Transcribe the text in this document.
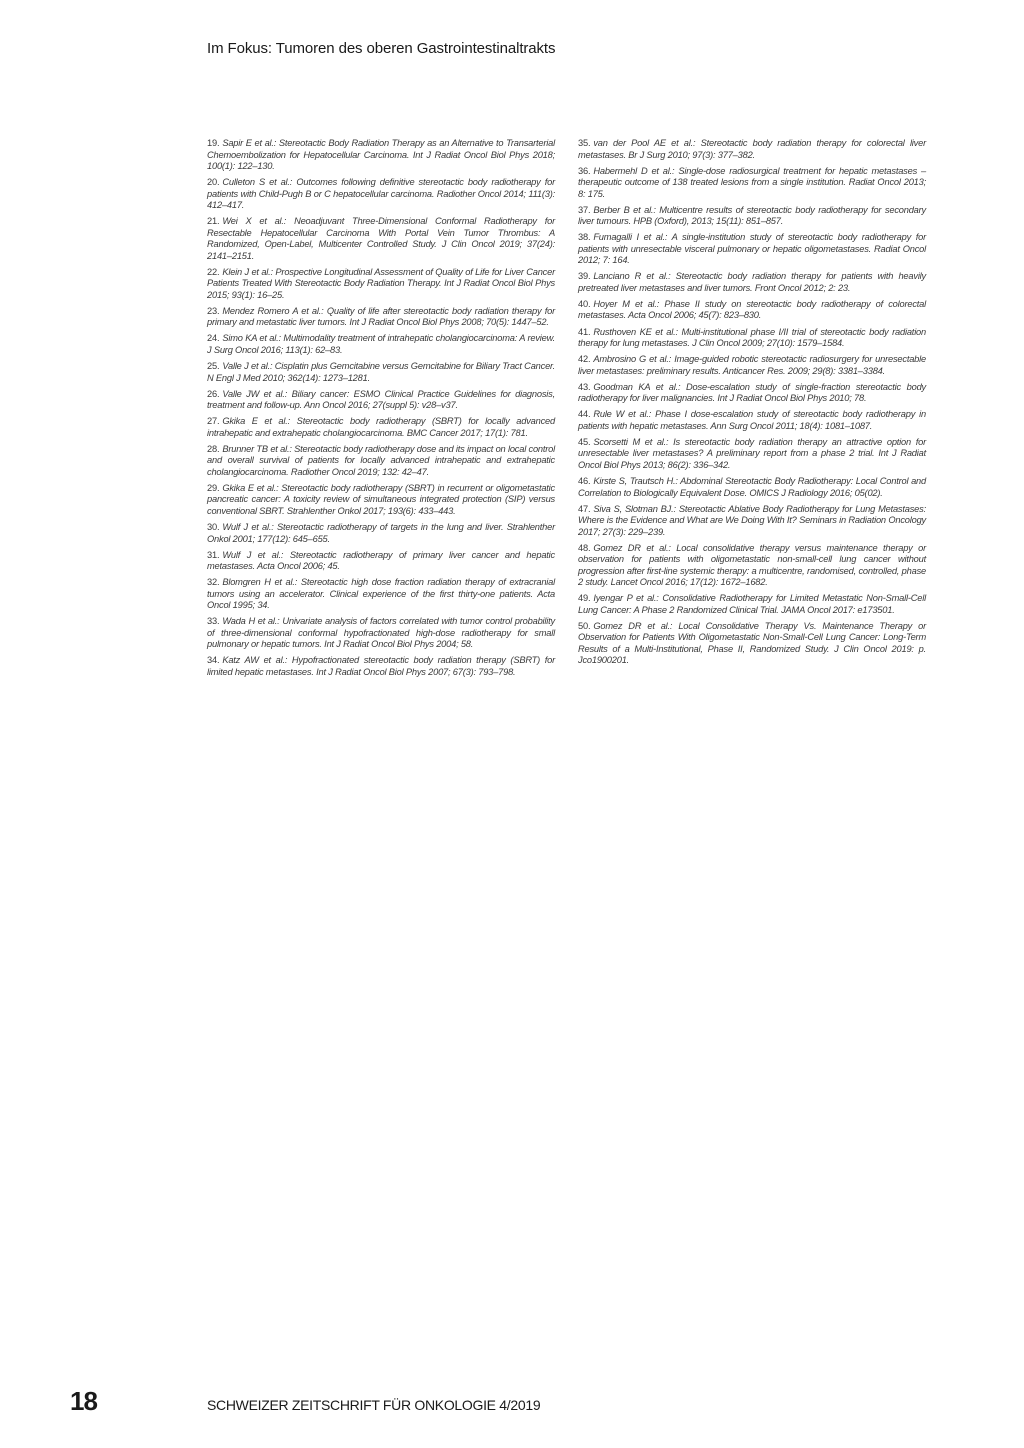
Im Fokus: Tumoren des oberen Gastrointestinaltrakts
19. Sapir E et al.: Stereotactic Body Radiation Therapy as an Alternative to Transarterial Chemoembolization for Hepatocellular Carcinoma. Int J Radiat Oncol Biol Phys 2018; 100(1): 122–130.
20. Culleton S et al.: Outcomes following definitive stereotactic body radiotherapy for patients with Child-Pugh B or C hepatocellular carcinoma. Radiother Oncol 2014; 111(3): 412–417.
21. Wei X et al.: Neoadjuvant Three-Dimensional Conformal Radiotherapy for Resectable Hepatocellular Carcinoma With Portal Vein Tumor Thrombus: A Randomized, Open-Label, Multicenter Controlled Study. J Clin Oncol 2019; 37(24): 2141–2151.
22. Klein J et al.: Prospective Longitudinal Assessment of Quality of Life for Liver Cancer Patients Treated With Stereotactic Body Radiation Therapy. Int J Radiat Oncol Biol Phys 2015; 93(1): 16–25.
23. Mendez Romero A et al.: Quality of life after stereotactic body radiation therapy for primary and metastatic liver tumors. Int J Radiat Oncol Biol Phys 2008; 70(5): 1447–52.
24. Simo KA et al.: Multimodality treatment of intrahepatic cholangiocarcinoma: A review. J Surg Oncol 2016; 113(1): 62–83.
25. Valle J et al.: Cisplatin plus Gemcitabine versus Gemcitabine for Biliary Tract Cancer. N Engl J Med 2010; 362(14): 1273–1281.
26. Valle JW et al.: Biliary cancer: ESMO Clinical Practice Guidelines for diagnosis, treatment and follow-up. Ann Oncol 2016; 27(suppl 5): v28–v37.
27. Gkika E et al.: Stereotactic body radiotherapy (SBRT) for locally advanced intrahepatic and extrahepatic cholangiocarcinoma. BMC Cancer 2017; 17(1): 781.
28. Brunner TB et al.: Stereotactic body radiotherapy dose and its impact on local control and overall survival of patients for locally advanced intrahepatic and extrahepatic cholangiocarcinoma. Radiother Oncol 2019; 132: 42–47.
29. Gkika E et al.: Stereotactic body radiotherapy (SBRT) in recurrent or oligometastatic pancreatic cancer: A toxicity review of simultaneous integrated protection (SIP) versus conventional SBRT. Strahlenther Onkol 2017; 193(6): 433–443.
30. Wulf J et al.: Stereotactic radiotherapy of targets in the lung and liver. Strahlenther Onkol 2001; 177(12): 645–655.
31. Wulf J et al.: Stereotactic radiotherapy of primary liver cancer and hepatic metastases. Acta Oncol 2006; 45.
32. Blomgren H et al.: Stereotactic high dose fraction radiation therapy of extracranial tumors using an accelerator. Clinical experience of the first thirty-one patients. Acta Oncol 1995; 34.
33. Wada H et al.: Univariate analysis of factors correlated with tumor control probability of three-dimensional conformal hypofractionated high-dose radiotherapy for small pulmonary or hepatic tumors. Int J Radiat Oncol Biol Phys 2004; 58.
34. Katz AW et al.: Hypofractionated stereotactic body radiation therapy (SBRT) for limited hepatic metastases. Int J Radiat Oncol Biol Phys 2007; 67(3): 793–798.
35. van der Pool AE et al.: Stereotactic body radiation therapy for colorectal liver metastases. Br J Surg 2010; 97(3): 377–382.
36. Habermehl D et al.: Single-dose radiosurgical treatment for hepatic metastases – therapeutic outcome of 138 treated lesions from a single institution. Radiat Oncol 2013; 8: 175.
37. Berber B et al.: Multicentre results of stereotactic body radiotherapy for secondary liver tumours. HPB (Oxford), 2013; 15(11): 851–857.
38. Fumagalli I et al.: A single-institution study of stereotactic body radiotherapy for patients with unresectable visceral pulmonary or hepatic oligometastases. Radiat Oncol 2012; 7: 164.
39. Lanciano R et al.: Stereotactic body radiation therapy for patients with heavily pretreated liver metastases and liver tumors. Front Oncol 2012; 2: 23.
40. Hoyer M et al.: Phase II study on stereotactic body radiotherapy of colorectal metastases. Acta Oncol 2006; 45(7): 823–830.
41. Rusthoven KE et al.: Multi-institutional phase I/II trial of stereotactic body radiation therapy for lung metastases. J Clin Oncol 2009; 27(10): 1579–1584.
42. Ambrosino G et al.: Image-guided robotic stereotactic radiosurgery for unresectable liver metastases: preliminary results. Anticancer Res. 2009; 29(8): 3381–3384.
43. Goodman KA et al.: Dose-escalation study of single-fraction stereotactic body radiotherapy for liver malignancies. Int J Radiat Oncol Biol Phys 2010; 78.
44. Rule W et al.: Phase I dose-escalation study of stereotactic body radiotherapy in patients with hepatic metastases. Ann Surg Oncol 2011; 18(4): 1081–1087.
45. Scorsetti M et al.: Is stereotactic body radiation therapy an attractive option for unresectable liver metastases? A preliminary report from a phase 2 trial. Int J Radiat Oncol Biol Phys 2013; 86(2): 336–342.
46. Kirste S, Trautsch H.: Abdominal Stereotactic Body Radiotherapy: Local Control and Correlation to Biologically Equivalent Dose. OMICS J Radiology 2016; 05(02).
47. Siva S, Slotman BJ.: Stereotactic Ablative Body Radiotherapy for Lung Metastases: Where is the Evidence and What are We Doing With It? Seminars in Radiation Oncology 2017; 27(3): 229–239.
48. Gomez DR et al.: Local consolidative therapy versus maintenance therapy or observation for patients with oligometastatic non-small-cell lung cancer without progression after first-line systemic therapy: a multicentre, randomised, controlled, phase 2 study. Lancet Oncol 2016; 17(12): 1672–1682.
49. Iyengar P et al.: Consolidative Radiotherapy for Limited Metastatic Non-Small-Cell Lung Cancer: A Phase 2 Randomized Clinical Trial. JAMA Oncol 2017: e173501.
50. Gomez DR et al.: Local Consolidative Therapy Vs. Maintenance Therapy or Observation for Patients With Oligometastatic Non-Small-Cell Lung Cancer: Long-Term Results of a Multi-Institutional, Phase II, Randomized Study. J Clin Oncol 2019: p. Jco1900201.
18	SCHWEIZER ZEITSCHRIFT FÜR ONKOLOGIE 4/2019
